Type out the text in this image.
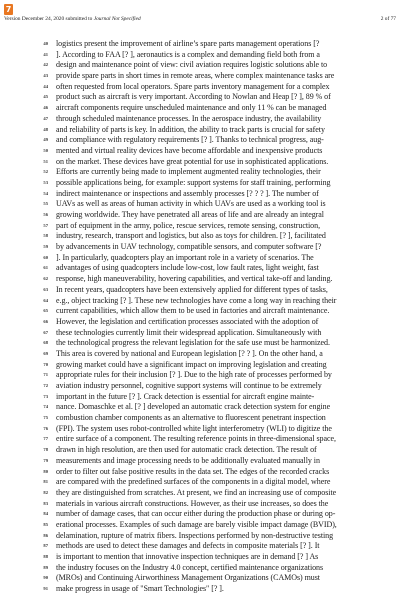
7
Version December 24, 2020 submitted to Journal Not Specified	2 of 77
40 logistics present the improvement of airline’s spare parts management operations [?
41 ]. According to FAA [? ], aeronautics is a complex and demanding field both from a
42 design and maintenance point of view: civil aviation requires logistic solutions able to
43 provide spare parts in short times in remote areas, where complex maintenance tasks are
44 often requested from local operators. Spare parts inventory management for a complex
45 product such as aircraft is very important. According to Nowlan and Heap [? ], 89 % of
46 aircraft components require unscheduled maintenance and only 11 % can be managed
47 through scheduled maintenance processes. In the aerospace industry, the availability
48 and reliability of parts is key. In addition, the ability to track parts is crucial for safety
49 and compliance with regulatory requirements [? ]. Thanks to technical progress, aug-
50 mented and virtual reality devices have become affordable and inexpensive products
51 on the market. These devices have great potential for use in sophisticated applications.
52 Efforts are currently being made to implement augmented reality technologies, their
53 possible applications being, for example: support systems for staff training, performing
54 indirect maintenance or inspections and assembly processes [? ? ? ]. The number of
55 UAVs as well as areas of human activity in which UAVs are used as a working tool is
56 growing worldwide. They have penetrated all areas of life and are already an integral
57 part of equipment in the army, police, rescue services, remote sensing, construction,
58 industry, research, transport and logistics, but also as toys for children. [? ], facilitated
59 by advancements in UAV technology, compatible sensors, and computer software [?
60 ]. In particularly, quadcopters play an important role in a variety of scenarios. The
61 advantages of using quadcopters include low-cost, low fault rates, light weight, fast
62 response, high maneuverability, hovering capabilities, and vertical take-off and landing.
63 In recent years, quadcopters have been extensively applied for different types of tasks,
64 e.g., object tracking [? ]. These new technologies have come a long way in reaching their
65 current capabilities, which allow them to be used in factories and aircraft maintenance.
66 However, the legislation and certification processes associated with the adoption of
67 these technologies currently limit their widespread application. Simultaneously with
68 the technological progress the relevant legislation for the safe use must be harmonized.
69 This area is covered by national and European legislation [? ? ]. On the other hand, a
70 growing market could have a significant impact on improving legislation and creating
71 appropriate rules for their inclusion [? ]. Due to the high rate of processes performed by
72 aviation industry personnel, cognitive support systems will continue to be extremely
73 important in the future [? ]. Crack detection is essential for aircraft engine mainte-
74 nance. Domaschke et al. [? ] developed an automatic crack detection system for engine
75 combustion chamber components as an alternative to fluorescent penetrant inspection
76 (FPI). The system uses robot-controlled white light interferometry (WLI) to digitize the
77 entire surface of a component. The resulting reference points in three-dimensional space,
78 drawn in high resolution, are then used for automatic crack detection. The result of
79 measurements and image processing needs to be additionally evaluated manually in
80 order to filter out false positive results in the data set. The edges of the recorded cracks
81 are compared with the predefined surfaces of the components in a digital model, where
82 they are distinguished from scratches. At present, we find an increasing use of composite
83 materials in various aircraft constructions. However, as their use increases, so does the
84 number of damage cases, that can occur either during the production phase or during op-
85 erational processes. Examples of such damage are barely visible impact damage (BVID),
86 delamination, rupture of matrix fibers. Inspections performed by non-destructive testing
87 methods are used to detect these damages and defects in composite materials [? ]. It
88 is important to mention that innovative inspection techniques are in demand [? ] As
89 the industry focuses on the Industry 4.0 concept, certified maintenance organizations
90 (MROs) and Continuing Airworthiness Management Organizations (CAMOs) must
91 make progress in usage of "Smart Technologies" [? ].
